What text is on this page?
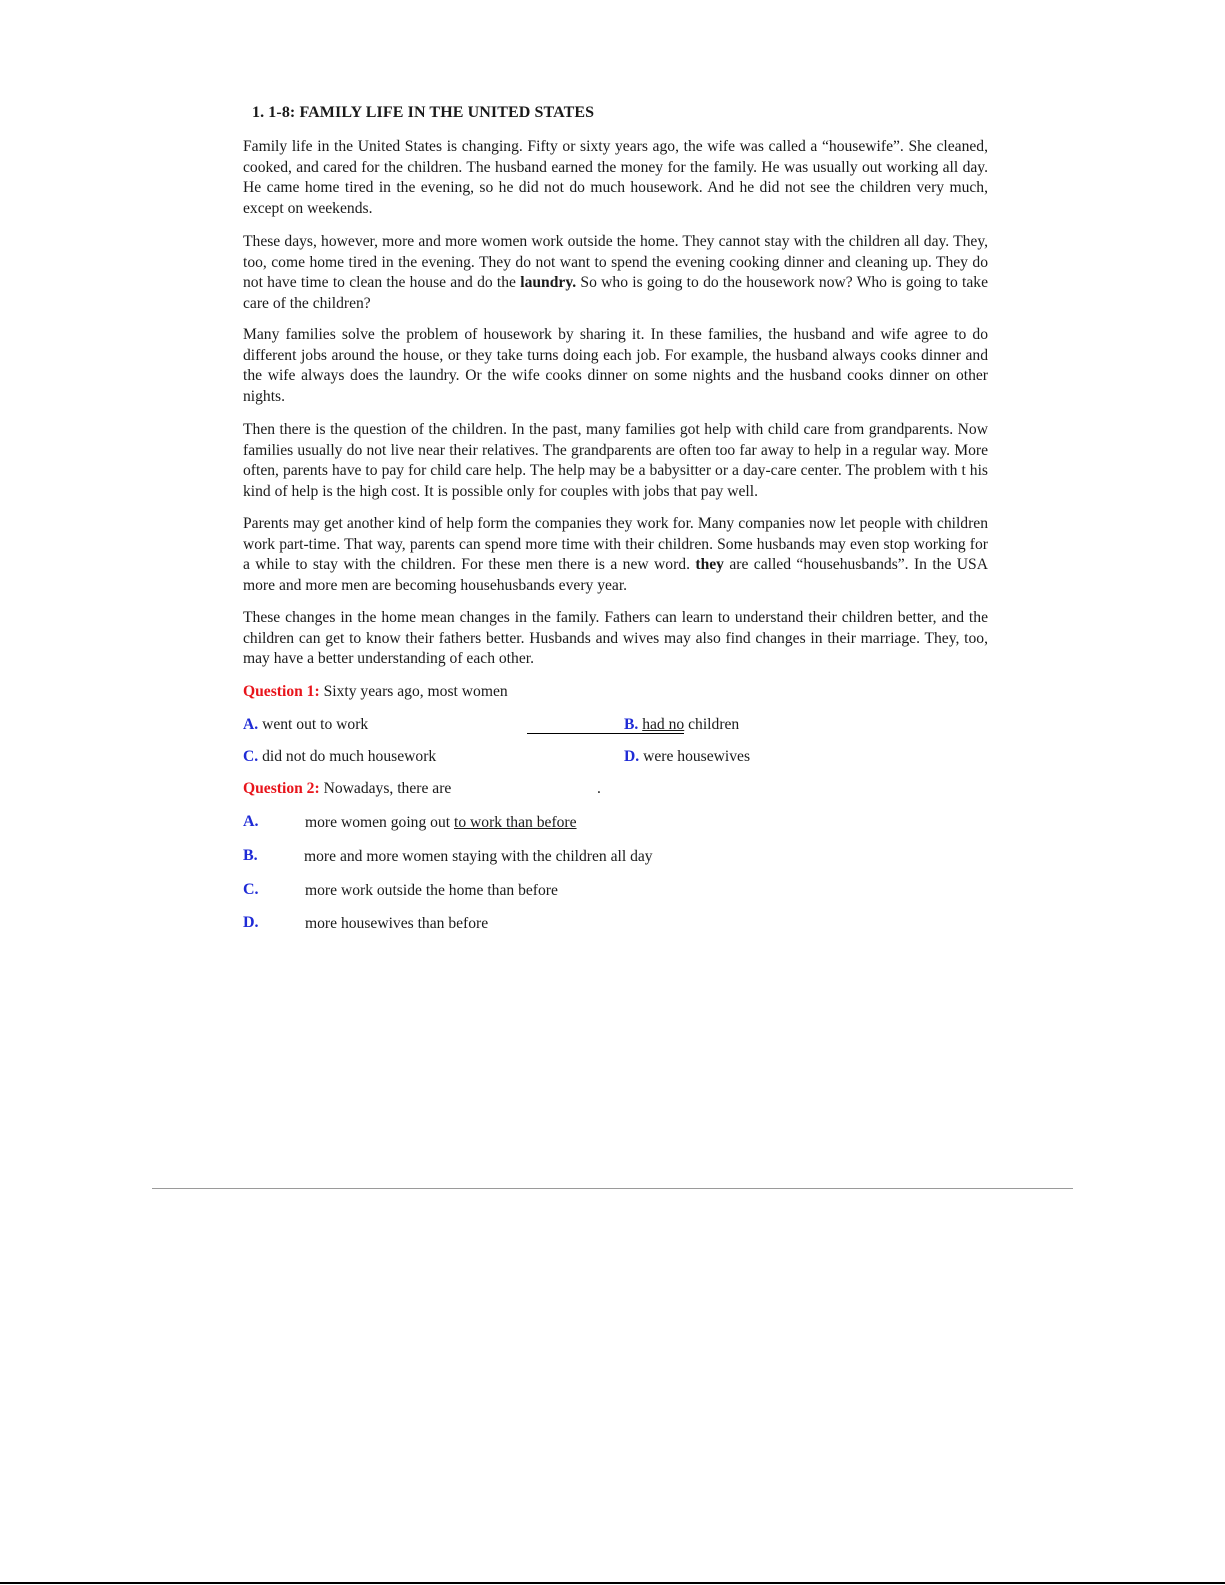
1. 1-8: FAMILY LIFE IN THE UNITED STATES

Family life in the United States is changing. Fifty or sixty years ago, the wife was called a “housewife”. She cleaned, cooked, and cared for the children. The husband earned the money for the family. He was usually out working all day. He came home tired in the evening, so he did not do much housework. And he did not see the children very much, except on weekends.

These days, however, more and more women work outside the home. They cannot stay with the children all day. They, too, come home tired in the evening. They do not want to spend the evening cooking dinner and cleaning up. They do not have time to clean the house and do the laundry. So who is going to do the housework now? Who is going to take care of the children?

Many families solve the problem of housework by sharing it. In these families, the husband and wife agree to do different jobs around the house, or they take turns doing each job. For example, the husband always cooks dinner and the wife always does the laundry. Or the wife cooks dinner on some nights and the husband cooks dinner on other nights.

Then there is the question of the children. In the past, many families got help with child care from grandparents. Now families usually do not live near their relatives. The grandparents are often too far away to help in a regular way. More often, parents have to pay for child care help. The help may be a babysitter or a day-care center. The problem with t his kind of help is the high cost. It is possible only for couples with jobs that pay well.

Parents may get another kind of help form the companies they work for. Many companies now let people with children work part-time. That way, parents can spend more time with their children. Some husbands may even stop working for a while to stay with the children. For these men there is a new word. they are called “househusbands”. In the USA more and more men are becoming househusbands every year.

These changes in the home mean changes in the family. Fathers can learn to understand their children better, and the children can get to know their fathers better. Husbands and wives may also find changes in their marriage. They, too, may have a better understanding of each other.

Question 1: Sixty years ago, most women
A. went out to work	B. had no children
C. did not do much housework	D. were housewives
Question 2: Nowadays, there are	.
A.	more women going out to work than before
B.	more and more women staying with the children all day
C.	more work outside the home than before
D.	more housewives than before
